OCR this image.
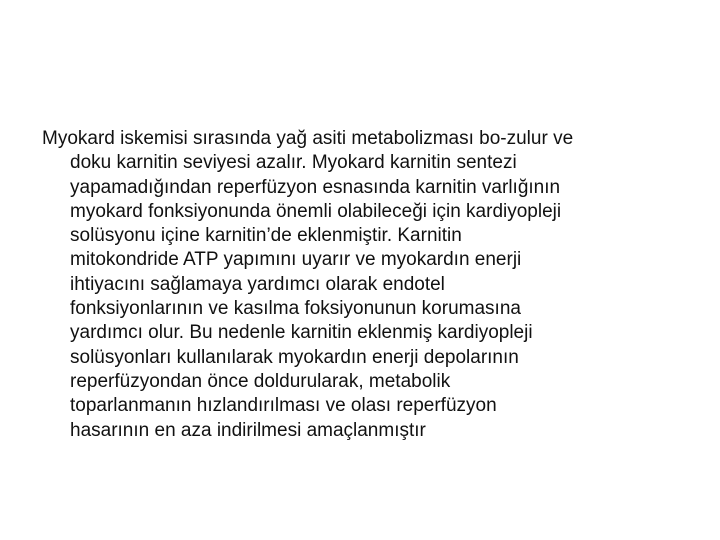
Myokard iskemisi sırasında yağ asiti metabolizması bo-zulur ve
doku karnitin seviyesi azalır. Myokard karnitin sentezi
yapamadığından reperfüzyon esnasında karnitin varlığının
myokard fonksiyonunda önemli olabileceği için kardiyopleji
solüsyonu içine karnitin’de eklenmiştir. Karnitin
mitokondride ATP yapımını uyarır ve myokardın enerji
ihtiyacını sağlamaya yardımcı olarak endotel
fonksiyonlarının ve kasılma foksiyonunun korumasına
yardımcı olur. Bu nedenle karnitin eklenmiş kardiyopleji
solüsyonları kullanılarak myokardın enerji depolarının
reperfüzyondan önce doldurularak, metabolik
toparlanmanın hızlandırılması ve olası reperfüzyon
hasarının en aza indirilmesi amaçlanmıştır
